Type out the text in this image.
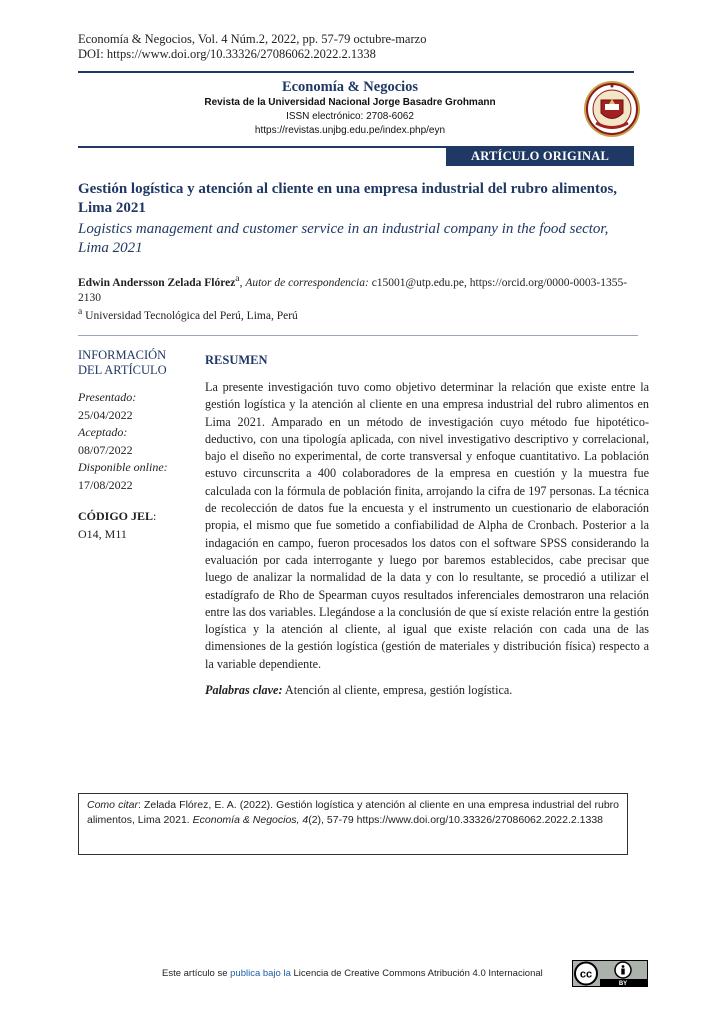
Economía & Negocios, Vol. 4 Núm.2, 2022, pp. 57-79 octubre-marzo
DOI: https://www.doi.org/10.33326/27086062.2022.2.1338
Economía & Negocios
Revista de la Universidad Nacional Jorge Basadre Grohmann
ISSN electrónico: 2708-6062
https://revistas.unjbg.edu.pe/index.php/eyn
ARTÍCULO ORIGINAL
Gestión logística y atención al cliente en una empresa industrial del rubro alimentos, Lima 2021
Logistics management and customer service in an industrial company in the food sector, Lima 2021
Edwin Andersson Zelada Flórez$^a$, Autor de correspondencia: c15001@utp.edu.pe, https://orcid.org/0000-0003-1355-2130
$^a$ Universidad Tecnológica del Perú, Lima, Perú
INFORMACIÓN DEL ARTÍCULO
Presentado:
25/04/2022
Aceptado:
08/07/2022
Disponible online:
17/08/2022
CÓDIGO JEL:
O14, M11
RESUMEN

La presente investigación tuvo como objetivo determinar la relación que existe entre la gestión logística y la atención al cliente en una empresa industrial del rubro alimentos en Lima 2021. Amparado en un método de investigación cuyo método fue hipotético-deductivo, con una tipología aplicada, con nivel investigativo descriptivo y correlacional, bajo el diseño no experimental, de corte transversal y enfoque cuantitativo. La población estuvo circunscrita a 400 colaboradores de la empresa en cuestión y la muestra fue calculada con la fórmula de población finita, arrojando la cifra de 197 personas. La técnica de recolección de datos fue la encuesta y el instrumento un cuestionario de elaboración propia, el mismo que fue sometido a confiabilidad de Alpha de Cronbach. Posterior a la indagación en campo, fueron procesados los datos con el software SPSS considerando la evaluación por cada interrogante y luego por baremos establecidos, cabe precisar que luego de analizar la normalidad de la data y con lo resultante, se procedió a utilizar el estadígrafo de Rho de Spearman cuyos resultados inferenciales demostraron una relación entre las dos variables. Llegándose a la conclusión de que sí existe relación entre la gestión logística y la atención al cliente, al igual que existe relación con cada una de las dimensiones de la gestión logística (gestión de materiales y distribución física) respecto a la variable dependiente.

Palabras clave: Atención al cliente, empresa, gestión logística.
Como citar: Zelada Flórez, E. A. (2022). Gestión logística y atención al cliente en una empresa industrial del rubro alimentos, Lima 2021. Economía & Negocios, 4(2), 57-79 https://www.doi.org/10.33326/27086062.2022.2.1338
Este artículo se publica bajo la Licencia de Creative Commons Atribución 4.0 Internacional	cc
BY
